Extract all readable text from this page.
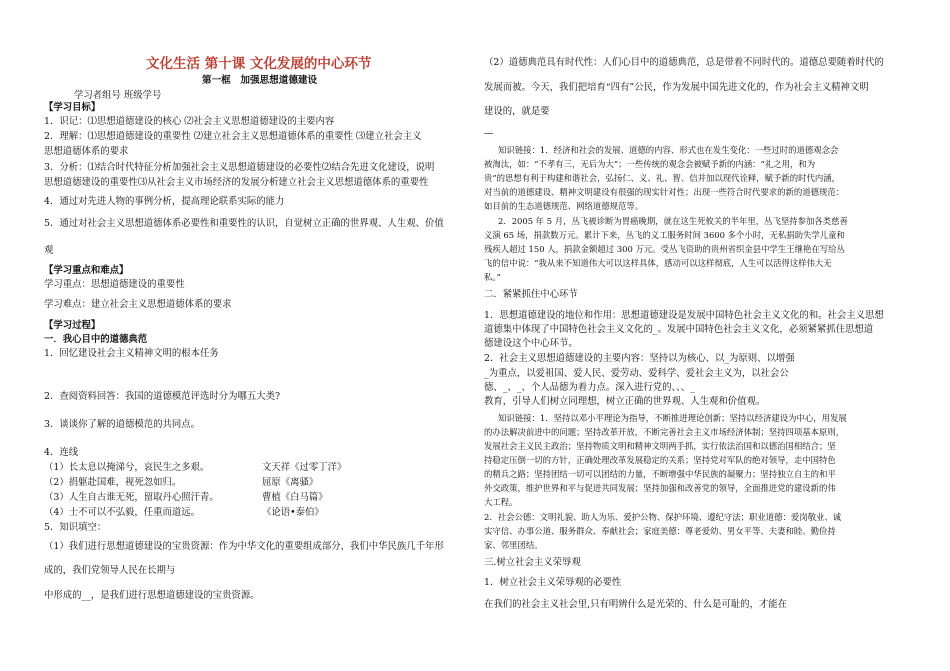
文化生活 第十课 文化发展的中心环节
第一框　加强思想道德建设
学习者组号 班级学号
【学习目标】
1．识记：⑴思想道德建设的核心 ⑵社会主义思想道德建设的主要内容
2．理解：⑴思想道德建设的重要性 ⑵建立社会主义思想道德体系的重要性 ⑶建立社会主义
思想道德体系的要求
3．分析：⑴结合时代特征分析加强社会主义思想道德建设的必要性⑵结合先进文化建设，说明
思想道德建设的重要性⑶从社会主义市场经济的发展分析建立社会主义思想道德体系的重要性
4．通过对先进人物的事例分析，提高理论联系实际的能力
5．通过对社会主义思想道德体系必要性和重要性的认识，自觉树立正确的世界观、人生观、价值
观
【学习重点和难点】
学习重点：思想道德建设的重要性
学习难点：建立社会主义思想道德体系的要求
【学习过程】
一．我心目中的道德典范
1．回忆建设社会主义精神文明的根本任务
2．查阅资料回答：我国的道德模范评选时分为哪五大类?
3．谈谈你了解的道德模范的共同点。
4．连线
（1）长太息以掩涕兮，哀民生之多艰。	文天祥《过零丁洋》
（2）捐躯赴国难，视死忽如归。	屈原《离骚》
（3）人生自古谁无死，留取丹心照汗青。	曹植《白马篇》
（4）士不可以不弘毅，任重而道远。	《论语•泰伯》
5．知识填空：
（1）我们进行思想道德建设的宝贵资源：作为中华文化的重要组成部分，我们中华民族几千年形
成的，我们党领导人民在长期与
中形成的__，是我们进行思想道德建设的宝贵资源。
（2）道德典范具有时代性：人们心目中的道德典范，总是带着不同时代的。道德总要随着时代的
发展而被。今天，我们把培育“四有”公民，作为发展中国先进文化的，作为社会主义精神文明
建设的，就是要
—
知识链接：1．经济和社会的发展、道德的内容、形式也在发生变化：一些过时的道德观念会
被淘汰，如：“不孝有三，无后为大”；一些传统的观念会被赋予新的内涵：“礼之用，和为
贵”的思想有利于构建和谐社会，弘扬仁、义、礼、智、信并加以现代诠释，赋予新的时代内涵，
对当前的道德建设、精神文明建设有很强的现实针对性；出现一些符合时代要求的新的道德规范：
如目前的生态道德规范、网络道德规范等。
2．2005 年 5 月，丛飞被诊断为胃癌晚期，就在这生死攸关的半年里，丛飞坚持参加各类慈善
义演 65 场，捐款数万元。累计下来，丛飞的义工服务时间 3600 多个小时，无私捐助失学儿童和
残疾人超过 150 人，捐款金额超过 300 万元。受丛飞资助的贵州省织金县中学生王继艳在写给丛
飞的信中说：“我从来不知道伟大可以这样具体，感动可以这样彻底，人生可以活得这样伟大无
私。”
二．紧紧抓住中心环节
1．思想道德建设的地位和作用：思想道德建设是发展中国特色社会主义文化的和。社会主义思想
道德集中体现了中国特色社会主义文化的_。发展中国特色社会主义文化，必须紧紧抓住思想道
德建设这个中心环节。
2．社会主义思想道德建设的主要内容：坚持以为核心、以_为原则、以增强
_为重点，以爱祖国、爱人民、爱劳动、爱科学、爱社会主义为，以社会公
德、_、_、个人品德为着力点。深入进行党的、、、_
教育，引导人们树立同理想，树立正确的世界观、人生观和价值观。
知识链接：1．坚持以邓小平理论为指导，不断推进理论创新；坚持以经济建设为中心，用发展
的办法解决前进中的问题；坚持改革开放，不断完善社会主义市场经济体制；坚持四项基本原则，
发展社会主义民主政治；坚持物质文明和精神文明两手抓，实行依法治国和以德治国相结合；坚
持稳定压倒一切的方针，正确处理改革发展稳定的关系；坚持党对军队的绝对领导，走中国特色
的精兵之路；坚持团结一切可以团结的力量，不断增强中华民族的凝聚力；坚持独立自主的和平
外交政策，维护世界和平与促进共同发展；坚持加强和改善党的领导，全面推进党的建设新的伟
大工程。
2．社会公德：文明礼貌、助人为乐、爱护公物、保护环境、遵纪守法；职业道德：爱岗敬业、诚
实守信、办事公道、服务群众、奉献社会；家庭美德：尊老爱幼、男女平等、夫妻和睦、勤俭持
家、邻里团结。
三.树立社会主义荣辱观
1．树立社会主义荣辱观的必要性
在我们的社会主义社会里,只有明辨什么是光荣的、什么是可耻的，才能在
